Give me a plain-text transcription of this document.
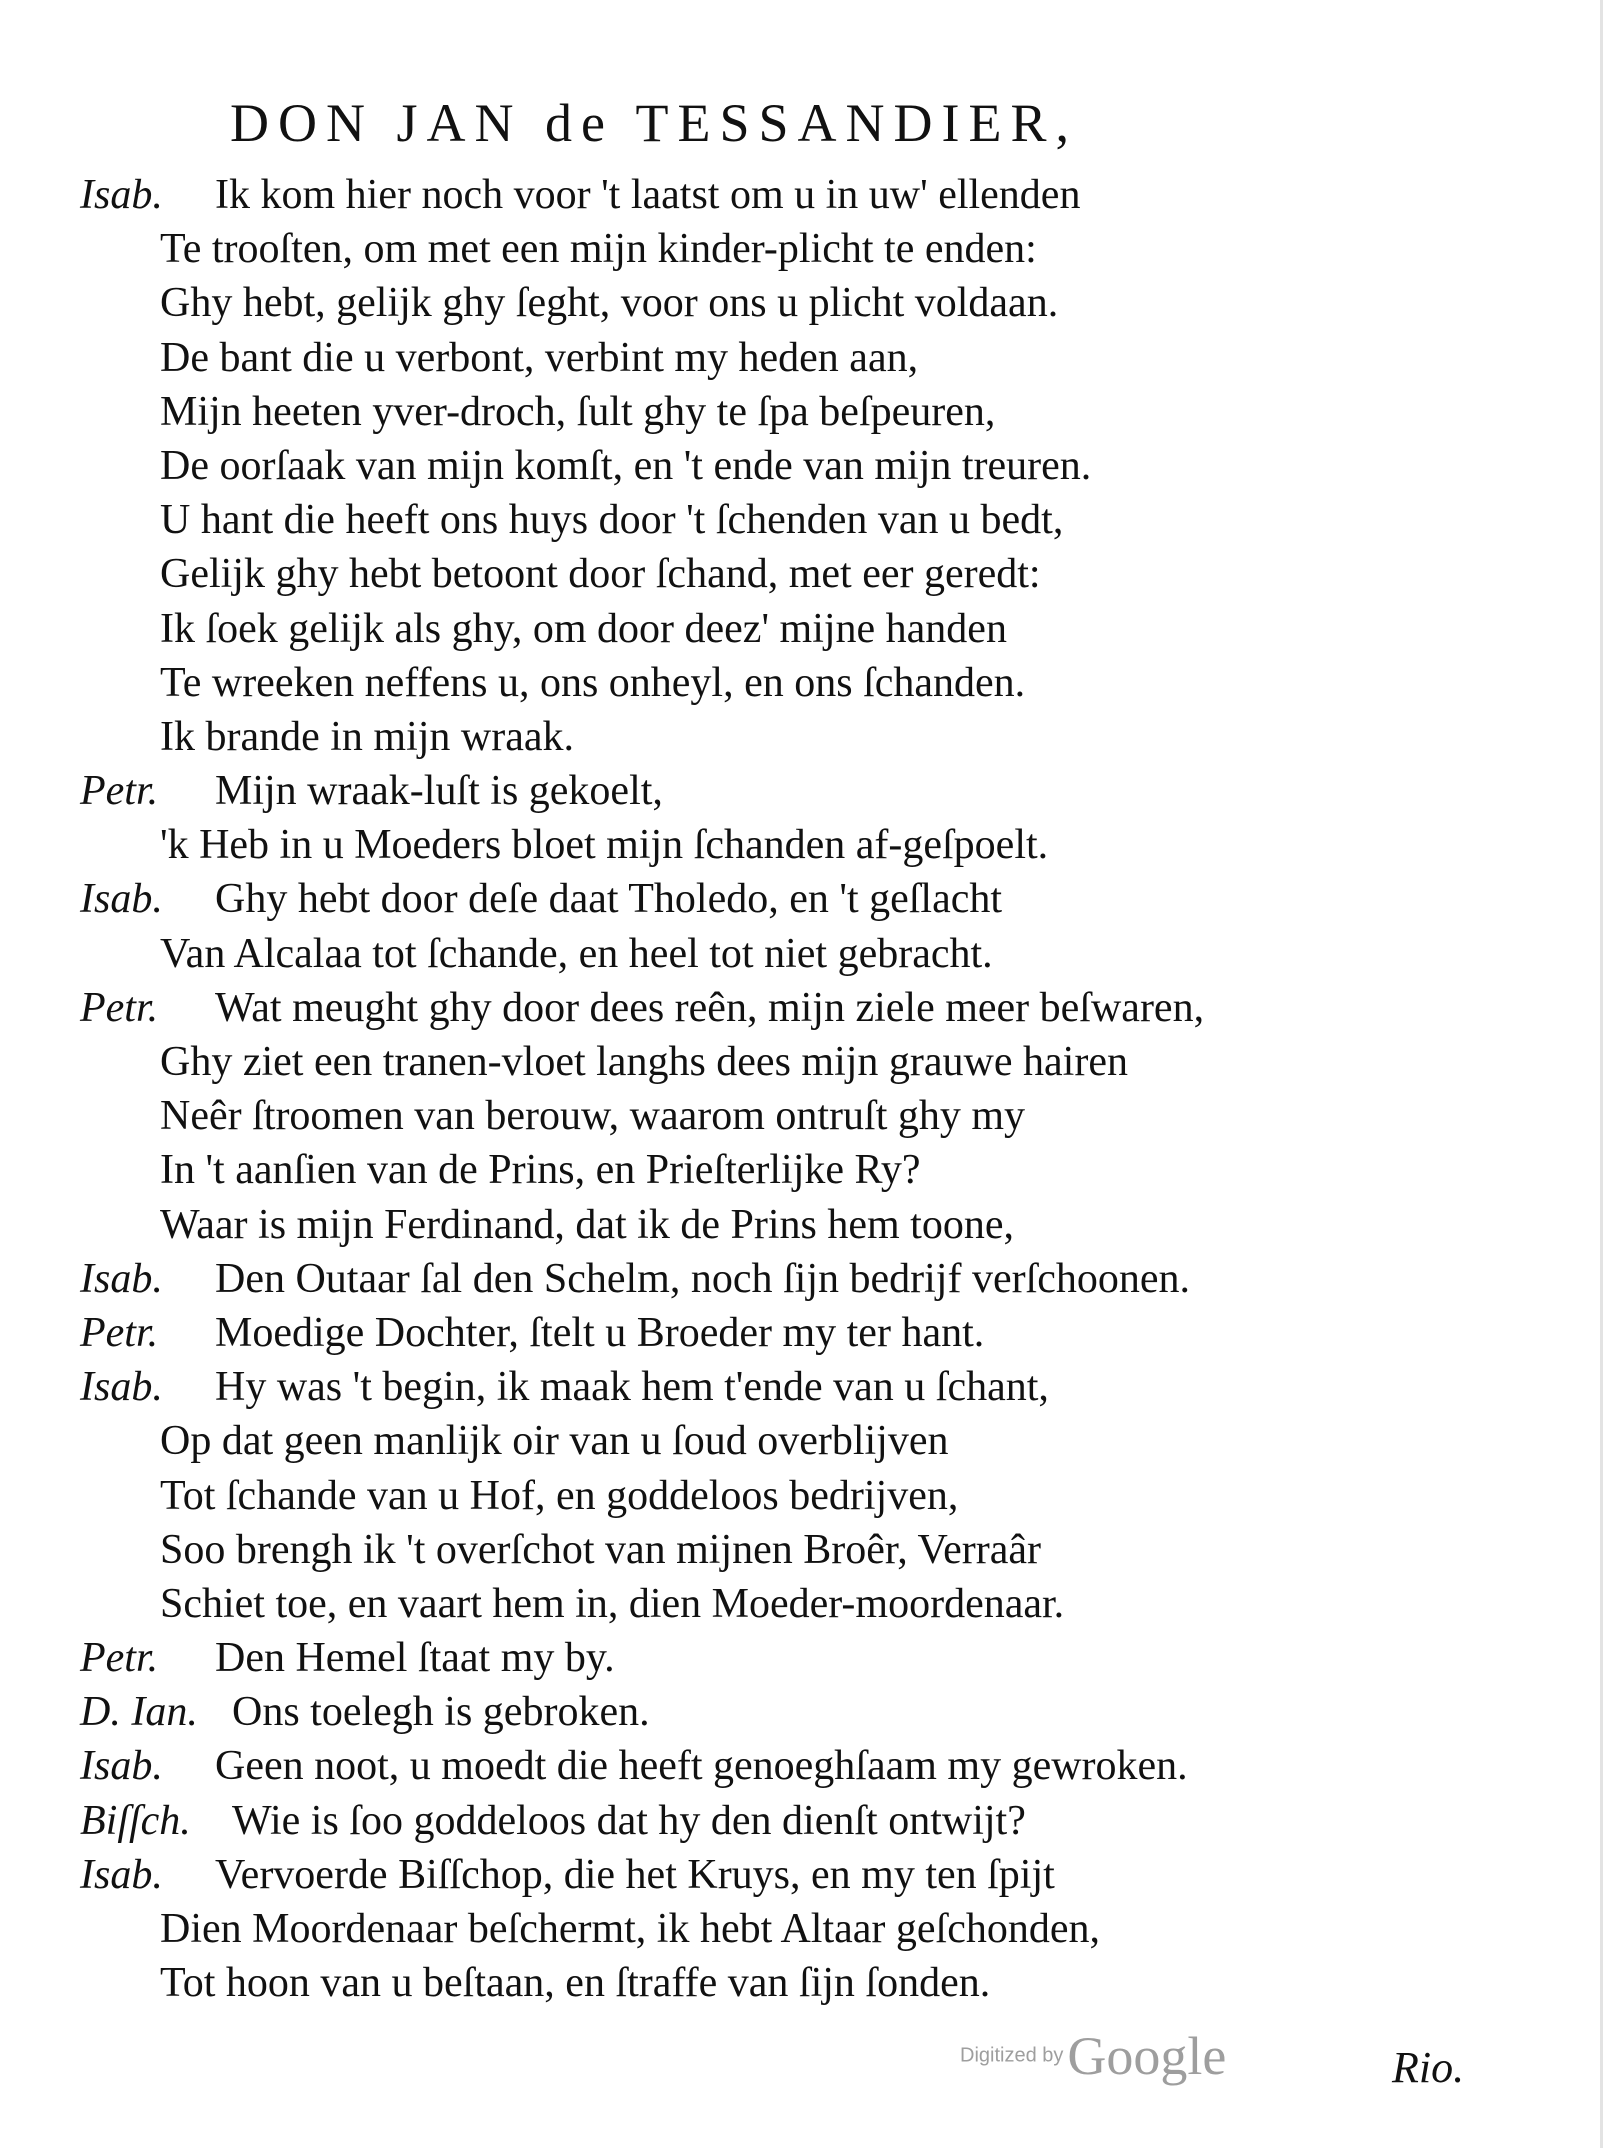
DON JAN de TESSANDIER,
Isab. Ik kom hier noch voor 't laatst om u in uw' ellenden
Te trooſten, om met een mijn kinder-plicht te enden:
Ghy hebt, gelijk ghy ſeght, voor ons u plicht voldaan.
De bant die u verbont, verbint my heden aan,
Mijn heeten yver-droch, ſult ghy te ſpa beſpeuren,
De oorſaak van mijn komſt, en 't ende van mijn treuren.
U hant die heeft ons huys door 't ſchenden van u bedt,
Gelijk ghy hebt betoont door ſchand, met eer geredt:
Ik ſoek gelijk als ghy, om door deez' mijne handen
Te wreeken neffens u, ons onheyl, en ons ſchanden.
Ik brande in mijn wraak.
Petr. Mijn wraak-luſt is gekoelt,
'k Heb in u Moeders bloet mijn ſchanden af-geſpoelt.
Isab. Ghy hebt door deſe daat Tholedo, en 't geſlacht
Van Alcalaa tot ſchande, en heel tot niet gebracht.
Petr. Wat meught ghy door dees reên, mijn ziele meer beſwaren,
Ghy ziet een tranen-vloet langhs dees mijn grauwe hairen
Neêr ſtroomen van berouw, waarom ontruſt ghy my
In 't aanſien van de Prins, en Prieſterlijke Ry?
Waar is mijn Ferdinand, dat ik de Prins hem toone,
Isab. Den Outaar ſal den Schelm, noch ſijn bedrijf verſchoonen.
Petr. Moedige Dochter, ſtelt u Broeder my ter hant.
Isab. Hy was 't begin, ik maak hem t'ende van u ſchant,
Op dat geen manlijk oir van u ſoud overblijven
Tot ſchande van u Hof, en goddeloos bedrijven,
Soo brengh ik 't overſchot van mijnen Broêr, Verraâr
Schiet toe, en vaart hem in, dien Moeder-moordenaar.
Petr. Den Hemel ſtaat my by.
D. Ian. Ons toelegh is gebroken.
Isab. Geen noot, u moedt die heeft genoeghſaam my gewroken.
Biſſch. Wie is ſoo goddeloos dat hy den dienſt ontwijt?
Isab. Vervoerde Biſſchop, die het Kruys, en my ten ſpijt
Dien Moordenaar beſchermt, ik hebt Altaar geſchonden,
Tot hoon van u beſtaan, en ſtraffe van ſijn ſonden.
Digitized by Google	Rio.
